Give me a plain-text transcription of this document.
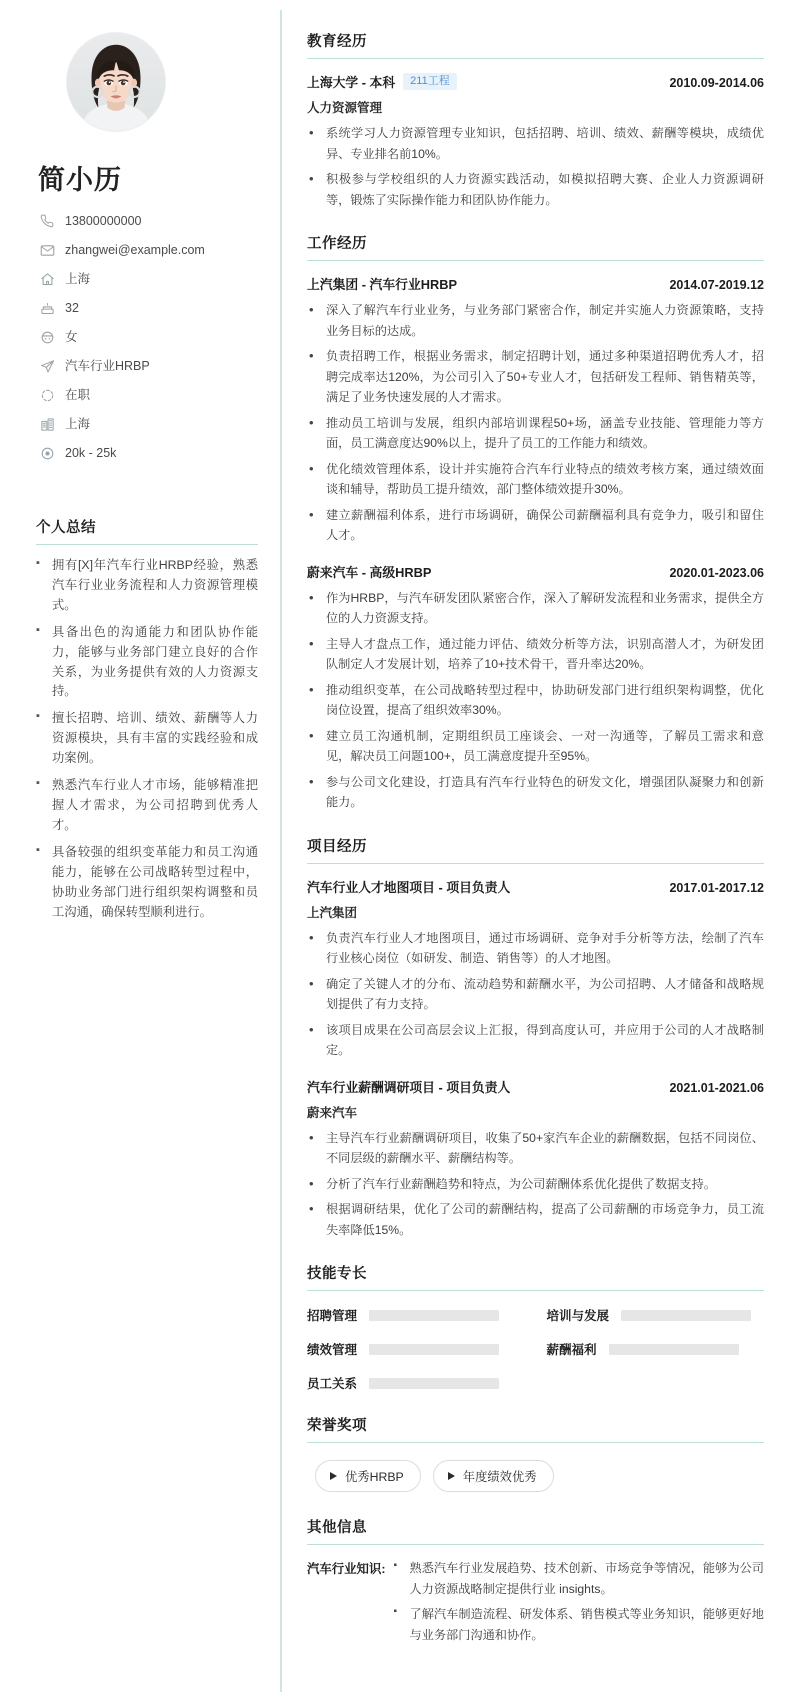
简小历
13800000000
zhangwei@example.com
上海
32
女
汽车行业HRBP
在职
上海
20k - 25k
个人总结
▪ 拥有[X]年汽车行业HRBP经验，熟悉汽车行业业务流程和人力资源管理模式。
▪ 具备出色的沟通能力和团队协作能力，能够与业务部门建立良好的合作关系，为业务提供有效的人力资源支持。
▪ 擅长招聘、培训、绩效、薪酬等人力资源模块，具有丰富的实践经验和成功案例。
▪ 熟悉汽车行业人才市场，能够精准把握人才需求，为公司招聘到优秀人才。
▪ 具备较强的组织变革能力和员工沟通能力，能够在公司战略转型过程中，协助业务部门进行组织架构调整和员工沟通，确保转型顺利进行。
教育经历
上海大学 - 本科	211工程	2010.09-2014.06
人力资源管理
• 系统学习人力资源管理专业知识，包括招聘、培训、绩效、薪酬等模块，成绩优异、专业排名前10%。
• 积极参与学校组织的人力资源实践活动，如模拟招聘大赛、企业人力资源调研等，锻炼了实际操作能力和团队协作能力。
工作经历
上汽集团 - 汽车行业HRBP	2014.07-2019.12
• 深入了解汽车行业业务，与业务部门紧密合作，制定并实施人力资源策略，支持业务目标的达成。
• 负责招聘工作，根据业务需求，制定招聘计划，通过多种渠道招聘优秀人才，招聘完成率达120%，为公司引入了50+专业人才，包括研发工程师、销售精英等，满足了业务快速发展的人才需求。
• 推动员工培训与发展，组织内部培训课程50+场，涵盖专业技能、管理能力等方面，员工满意度达90%以上，提升了员工的工作能力和绩效。
• 优化绩效管理体系，设计并实施符合汽车行业特点的绩效考核方案，通过绩效面谈和辅导，帮助员工提升绩效，部门整体绩效提升30%。
• 建立薪酬福利体系，进行市场调研，确保公司薪酬福利具有竞争力，吸引和留住人才。
蔚来汽车 - 高级HRBP	2020.01-2023.06
• 作为HRBP，与汽车研发团队紧密合作，深入了解研发流程和业务需求，提供全方位的人力资源支持。
• 主导人才盘点工作，通过能力评估、绩效分析等方法，识别高潜人才，为研发团队制定人才发展计划，培养了10+技术骨干，晋升率达20%。
• 推动组织变革，在公司战略转型过程中，协助研发部门进行组织架构调整，优化岗位设置，提高了组织效率30%。
• 建立员工沟通机制，定期组织员工座谈会、一对一沟通等，了解员工需求和意见，解决员工问题100+，员工满意度提升至95%。
• 参与公司文化建设，打造具有汽车行业特色的研发文化，增强团队凝聚力和创新能力。
项目经历
汽车行业人才地图项目 - 项目负责人	2017.01-2017.12
上汽集团
• 负责汽车行业人才地图项目，通过市场调研、竞争对手分析等方法，绘制了汽车行业核心岗位（如研发、制造、销售等）的人才地图。
• 确定了关键人才的分布、流动趋势和薪酬水平，为公司招聘、人才储备和战略规划提供了有力支持。
• 该项目成果在公司高层会议上汇报，得到高度认可，并应用于公司的人才战略制定。
汽车行业薪酬调研项目 - 项目负责人	2021.01-2021.06
蔚来汽车
• 主导汽车行业薪酬调研项目，收集了50+家汽车企业的薪酬数据，包括不同岗位、不同层级的薪酬水平、薪酬结构等。
• 分析了汽车行业薪酬趋势和特点，为公司薪酬体系优化提供了数据支持。
• 根据调研结果，优化了公司的薪酬结构，提高了公司薪酬的市场竞争力，员工流失率降低15%。
技能专长
招聘管理	培训与发展
绩效管理	薪酬福利
员工关系
荣誉奖项
优秀HRBP	年度绩效优秀
其他信息
汽车行业知识:	▪ 熟悉汽车行业发展趋势、技术创新、市场竞争等情况，能够为公司人力资源战略制定提供行业 insights。
▪ 了解汽车制造流程、研发体系、销售模式等业务知识，能够更好地与业务部门沟通和协作。
